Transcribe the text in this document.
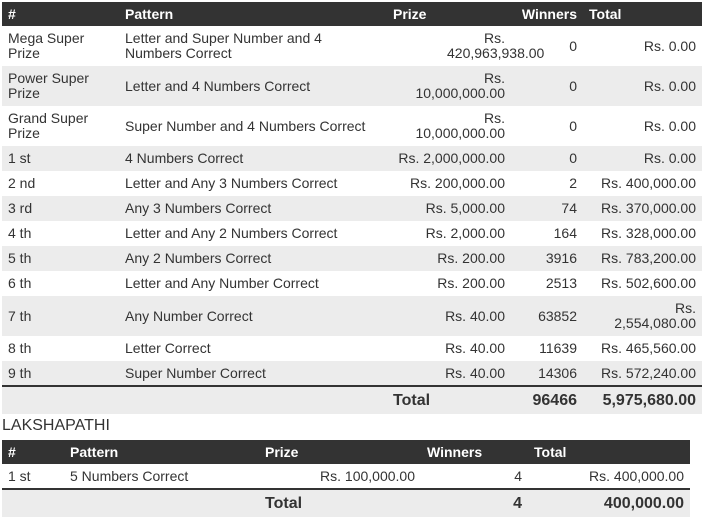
#	Pattern	Prize	Winners	Total
Mega Super Prize	Letter and Super Number and 4 Numbers Correct	Rs. 420,963,938.00	0	Rs. 0.00
Power Super Prize	Letter and 4 Numbers Correct	Rs. 10,000,000.00	0	Rs. 0.00
Grand Super Prize	Super Number and 4 Numbers Correct	Rs. 10,000,000.00	0	Rs. 0.00
1 st	4 Numbers Correct	Rs. 2,000,000.00	0	Rs. 0.00
2 nd	Letter and Any 3 Numbers Correct	Rs. 200,000.00	2	Rs. 400,000.00
3 rd	Any 3 Numbers Correct	Rs. 5,000.00	74	Rs. 370,000.00
4 th	Letter and Any 2 Numbers Correct	Rs. 2,000.00	164	Rs. 328,000.00
5 th	Any 2 Numbers Correct	Rs. 200.00	3916	Rs. 783,200.00
6 th	Letter and Any Number Correct	Rs. 200.00	2513	Rs. 502,600.00
7 th	Any Number Correct	Rs. 40.00	63852	Rs. 2,554,080.00
8 th	Letter Correct	Rs. 40.00	11639	Rs. 465,560.00
9 th	Super Number Correct	Rs. 40.00	14306	Rs. 572,240.00
		Total	96466	5,975,680.00
LAKSHAPATHI
#	Pattern	Prize	Winners	Total
1 st	5 Numbers Correct	Rs. 100,000.00	4	Rs. 400,000.00
		Total	4	400,000.00
